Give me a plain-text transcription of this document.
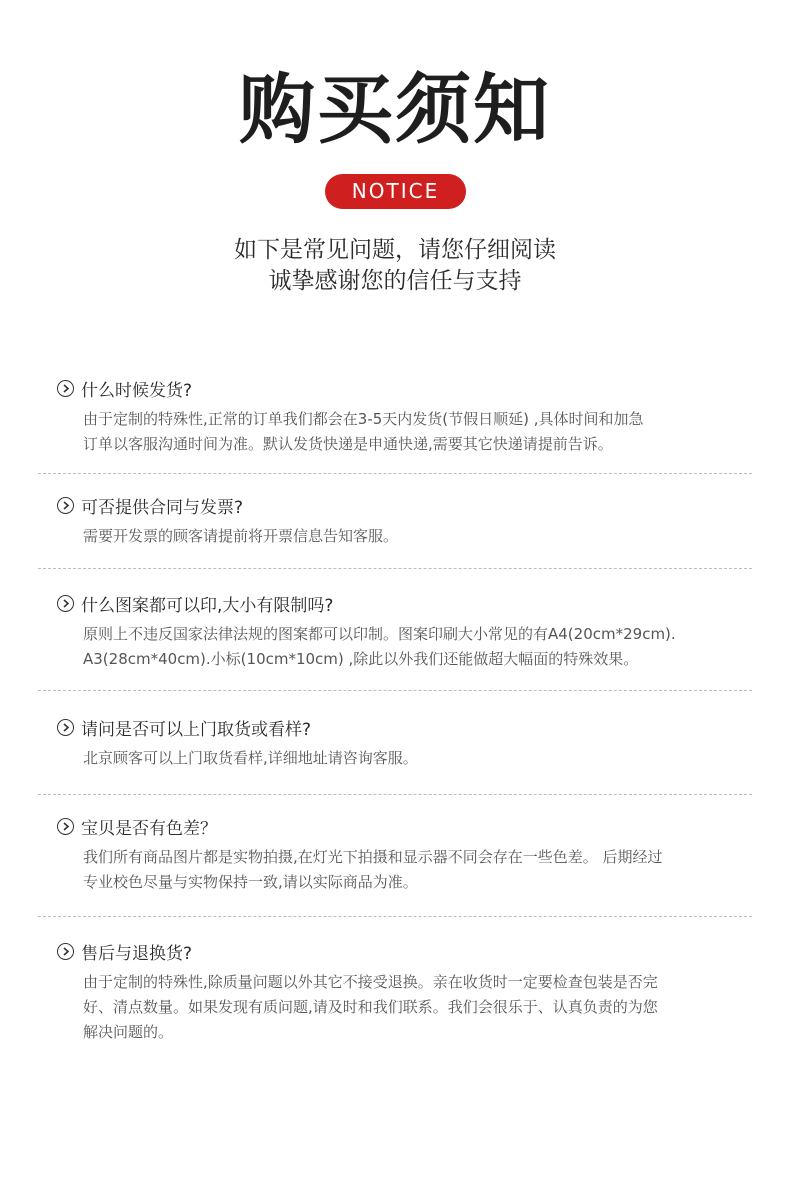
购买须知
NOTICE
如下是常见问题，请您仔细阅读
诚挚感谢您的信任与支持
什么时候发货?
由于定制的特殊性,正常的订单我们都会在3-5天内发货(节假日顺延) ,具体时间和加急
订单以客服沟通时间为准。默认发货快递是申通快递,需要其它快递请提前告诉。
可否提供合同与发票?
需要开发票的顾客请提前将开票信息告知客服。
什么图案都可以印,大小有限制吗?
原则上不违反国家法律法规的图案都可以印制。图案印刷大小常见的有A4(20cm*29cm).
A3(28cm*40cm).小标(10cm*10cm) ,除此以外我们还能做超大幅面的特殊效果。
请问是否可以上门取货或看样?
北京顾客可以上门取货看样,详细地址请咨询客服。
宝贝是否有色差？
我们所有商品图片都是实物拍摄,在灯光下拍摄和显示器不同会存在一些色差。 后期经过
专业校色尽量与实物保持一致,请以实际商品为准。
售后与退换货?
由于定制的特殊性,除质量问题以外其它不接受退换。亲在收货时一定要检查包装是否完
好、清点数量。如果发现有质问题,请及时和我们联系。我们会很乐于、认真负责的为您
解决问题的。
